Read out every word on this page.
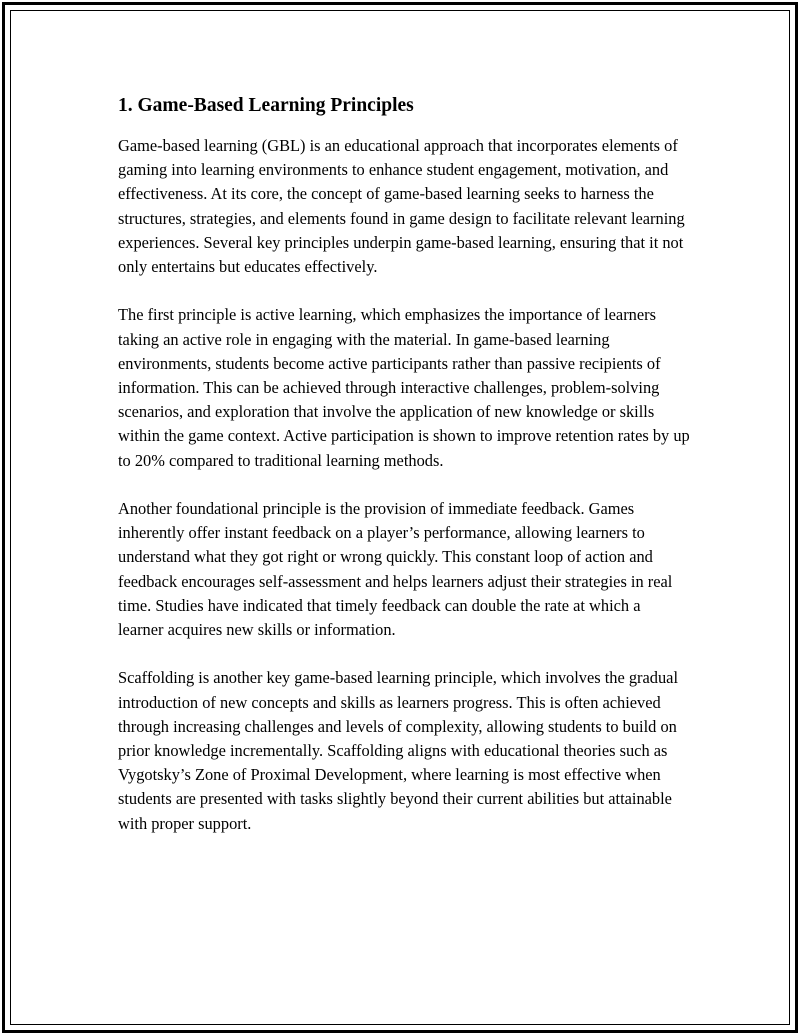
1. Game-Based Learning Principles

Game-based learning (GBL) is an educational approach that incorporates elements of gaming into learning environments to enhance student engagement, motivation, and effectiveness. At its core, the concept of game-based learning seeks to harness the structures, strategies, and elements found in game design to facilitate relevant learning experiences. Several key principles underpin game-based learning, ensuring that it not only entertains but educates effectively.

The first principle is active learning, which emphasizes the importance of learners taking an active role in engaging with the material. In game-based learning environments, students become active participants rather than passive recipients of information. This can be achieved through interactive challenges, problem-solving scenarios, and exploration that involve the application of new knowledge or skills within the game context. Active participation is shown to improve retention rates by up to 20% compared to traditional learning methods.

Another foundational principle is the provision of immediate feedback. Games inherently offer instant feedback on a player’s performance, allowing learners to understand what they got right or wrong quickly. This constant loop of action and feedback encourages self-assessment and helps learners adjust their strategies in real time. Studies have indicated that timely feedback can double the rate at which a learner acquires new skills or information.

Scaffolding is another key game-based learning principle, which involves the gradual introduction of new concepts and skills as learners progress. This is often achieved through increasing challenges and levels of complexity, allowing students to build on prior knowledge incrementally. Scaffolding aligns with educational theories such as Vygotsky’s Zone of Proximal Development, where learning is most effective when students are presented with tasks slightly beyond their current abilities but attainable with proper support.
